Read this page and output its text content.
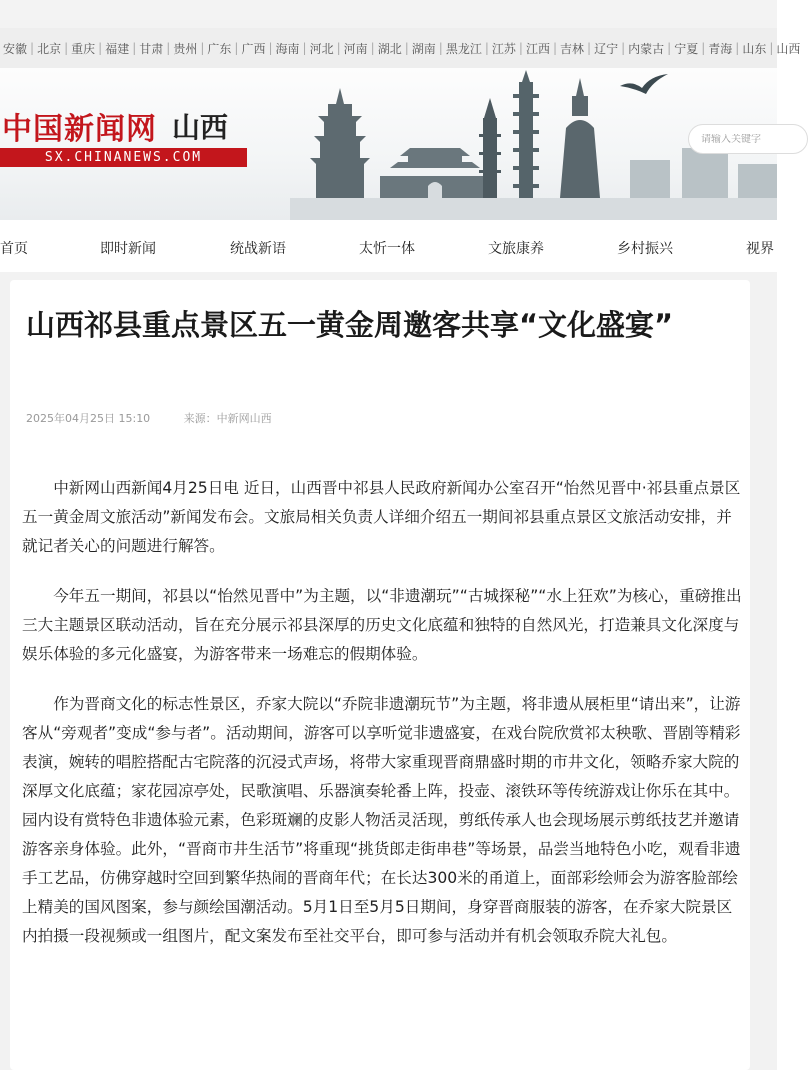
安徽 | 北京 | 重庆 | 福建 | 甘肃 | 贵州 | 广东 | 广西 | 海南 | 河北 | 河南 | 湖北 | 湖南 | 黑龙江 | 江苏 | 江西 | 吉林 | 辽宁 | 内蒙古 | 宁夏 | 青海 | 山东 | 山西
中国新闻网 山西
SX.CHINANEWS.COM
请输入关键字
首页	即时新闻	统战新语	太忻一体	文旅康养	乡村振兴	视界
山西祁县重点景区五一黄金周邀客共享“文化盛宴”
2025年04月25日 15:10	来源：中新网山西

中新网山西新闻4月25日电 近日，山西晋中祁县人民政府新闻办公室召开“怡然见晋中·祁县重点景区五一黄金周文旅活动”新闻发布会。文旅局相关负责人详细介绍五一期间祁县重点景区文旅活动安排，并就记者关心的问题进行解答。

今年五一期间，祁县以“怡然见晋中”为主题，以“非遗潮玩”“古城探秘”“水上狂欢”为核心，重磅推出三大主题景区联动活动，旨在充分展示祁县深厚的历史文化底蕴和独特的自然风光，打造兼具文化深度与娱乐体验的多元化盛宴，为游客带来一场难忘的假期体验。

作为晋商文化的标志性景区，乔家大院以“乔院非遗潮玩节”为主题，将非遗从展柜里“请出来”，让游客从“旁观者”变成“参与者”。活动期间，游客可以享听觉非遗盛宴，在戏台院欣赏祁太秧歌、晋剧等精彩表演，婉转的唱腔搭配古宅院落的沉浸式声场，将带大家重现晋商鼎盛时期的市井文化，领略乔家大院的深厚文化底蕴；家花园凉亭处，民歌演唱、乐器演奏轮番上阵，投壶、滚铁环等传统游戏让你乐在其中。园内设有赏特色非遗体验元素，色彩斑斓的皮影人物活灵活现，剪纸传承人也会现场展示剪纸技艺并邀请游客亲身体验。此外，“晋商市井生活节”将重现“挑货郎走街串巷”等场景，品尝当地特色小吃，观看非遗手工艺品，仿佛穿越时空回到繁华热闹的晋商年代；在长达300米的甬道上，面部彩绘师会为游客脸部绘上精美的国风图案，参与颜绘国潮活动。5月1日至5月5日期间，身穿晋商服装的游客，在乔家大院景区内拍摄一段视频或一组图片，配文案发布至社交平台，即可参与活动并有机会领取乔院大礼包。
